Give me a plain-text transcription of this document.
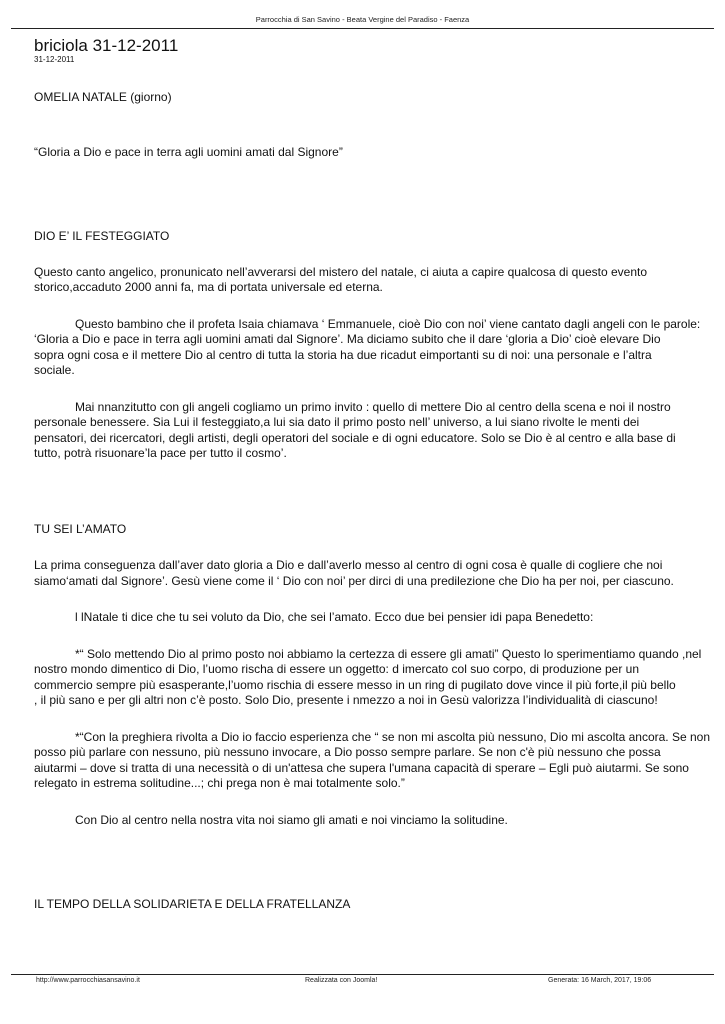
Parrocchia di San Savino - Beata Vergine del Paradiso - Faenza
briciola 31-12-2011
31-12-2011

OMELIA NATALE (giorno)

“Gloria a Dio e pace in terra agli uomini amati dal Signore”

DIO E’ IL FESTEGGIATO

Questo canto angelico, pronunicato nell’avverarsi del mistero del natale, ci aiuta a capire qualcosa di questo evento
storico,accaduto 2000 anni fa, ma di portata universale ed eterna.

Questo bambino che il profeta Isaia chiamava ‘ Emmanuele, cioè Dio con noi’ viene cantato dagli angeli con le parole:
‘Gloria a Dio e pace in terra agli uomini amati dal Signore’. Ma diciamo subito che il dare ‘gloria a Dio’ cioè elevare Dio
sopra ogni cosa e il mettere Dio al centro di tutta la storia ha due ricadut eimportanti su di noi: una personale e l’altra
sociale.

Mai nnanzitutto con gli angeli cogliamo un primo invito : quello di mettere Dio al centro della scena e noi il nostro
personale benessere. Sia Lui il festeggiato,a lui sia dato il primo posto nell’ universo, a lui siano rivolte le menti dei
pensatori, dei ricercatori, degli artisti, degli operatori del sociale e di ogni educatore. Solo se Dio è al centro e alla base di
tutto, potrà risuonare’la pace per tutto il cosmo’.

TU SEI L’AMATO

La prima conseguenza dall’aver dato gloria a Dio e dall’averlo messo al centro di ogni cosa è qualle di cogliere che noi
siamo‘amati dal Signore’. Gesù viene come il ‘ Dio con noi’ per dirci di una predilezione che Dio ha per noi, per ciascuno.

l lNatale ti dice che tu sei voluto da Dio, che sei l’amato. Ecco due bei pensier idi papa Benedetto:

*“ Solo mettendo Dio al primo posto noi abbiamo la certezza di essere gli amati” Questo lo sperimentiamo quando ,nel
nostro mondo dimentico di Dio, l’uomo rischa di essere un oggetto: d imercato col suo corpo, di produzione per un
commercio sempre più esasperante,l’uomo rischia di essere messo in un ring di pugilato dove vince il più forte,il più bello
, il più sano e per gli altri non c’è posto. Solo Dio, presente i nmezzo a noi in Gesù valorizza l’individualità di ciascuno!

*“Con la preghiera rivolta a Dio io faccio esperienza che “ se non mi ascolta più nessuno, Dio mi ascolta ancora. Se non
posso più parlare con nessuno, più nessuno invocare, a Dio posso sempre parlare. Se non c'è più nessuno che possa
aiutarmi – dove si tratta di una necessità o di un'attesa che supera l'umana capacità di sperare – Egli può aiutarmi. Se sono
relegato in estrema solitudine...; chi prega non è mai totalmente solo.”

Con Dio al centro nella nostra vita noi siamo gli amati e noi vinciamo la solitudine.

IL TEMPO DELLA SOLIDARIETA E DELLA FRATELLANZA

http://www.parrocchiasansavino.it	Realizzata con Joomla!	Generata: 16 March, 2017, 19:06
